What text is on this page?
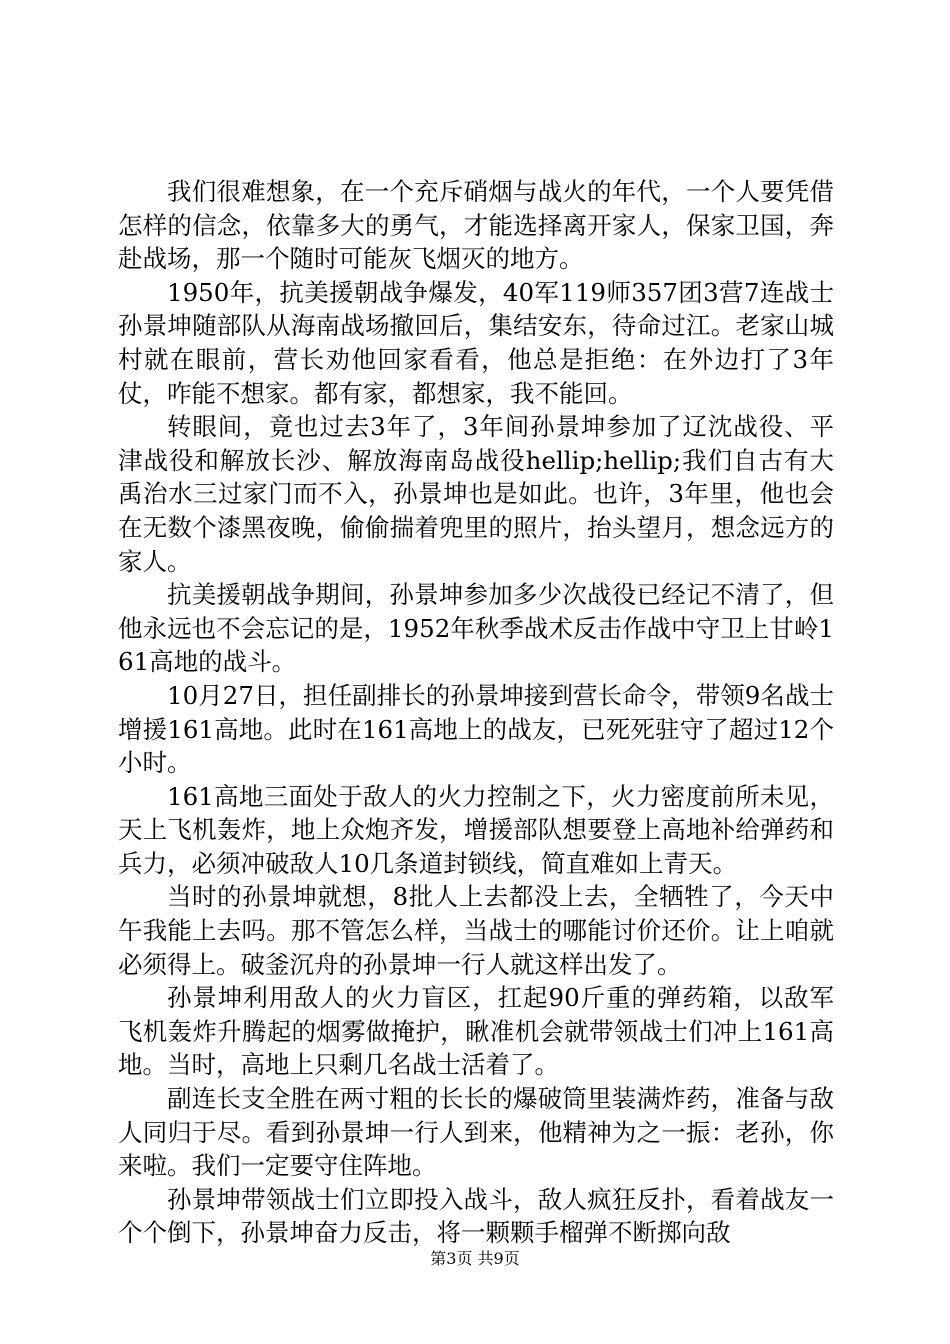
我们很难想象，在一个充斥硝烟与战火的年代，一个人要凭借怎样的信念，依靠多大的勇气，才能选择离开家人，保家卫国，奔赴战场，那一个随时可能灰飞烟灭的地方。

1950年，抗美援朝战争爆发，40军119师357团3营7连战士孙景坤随部队从海南战场撤回后，集结安东，待命过江。老家山城村就在眼前，营长劝他回家看看，他总是拒绝：在外边打了3年仗，咋能不想家。都有家，都想家，我不能回。

转眼间，竟也过去3年了，3年间孙景坤参加了辽沈战役、平津战役和解放长沙、解放海南岛战役hellip;hellip;我们自古有大禹治水三过家门而不入，孙景坤也是如此。也许，3年里，他也会在无数个漆黑夜晚，偷偷揣着兜里的照片，抬头望月，想念远方的家人。

抗美援朝战争期间，孙景坤参加多少次战役已经记不清了，但他永远也不会忘记的是，1952年秋季战术反击作战中守卫上甘岭161高地的战斗。

10月27日，担任副排长的孙景坤接到营长命令，带领9名战士增援161高地。此时在161高地上的战友，已死死驻守了超过12个小时。

161高地三面处于敌人的火力控制之下，火力密度前所未见，天上飞机轰炸，地上众炮齐发，增援部队想要登上高地补给弹药和兵力，必须冲破敌人10几条道封锁线，简直难如上青天。

当时的孙景坤就想，8批人上去都没上去，全牺牲了，今天中午我能上去吗。那不管怎么样，当战士的哪能讨价还价。让上咱就必须得上。破釜沉舟的孙景坤一行人就这样出发了。

孙景坤利用敌人的火力盲区，扛起90斤重的弹药箱，以敌军飞机轰炸升腾起的烟雾做掩护，瞅准机会就带领战士们冲上161高地。当时，高地上只剩几名战士活着了。

副连长支全胜在两寸粗的长长的爆破筒里装满炸药，准备与敌人同归于尽。看到孙景坤一行人到来，他精神为之一振：老孙，你来啦。我们一定要守住阵地。

孙景坤带领战士们立即投入战斗，敌人疯狂反扑，看着战友一个个倒下，孙景坤奋力反击，将一颗颗手榴弹不断掷向敌

第3页 共9页
